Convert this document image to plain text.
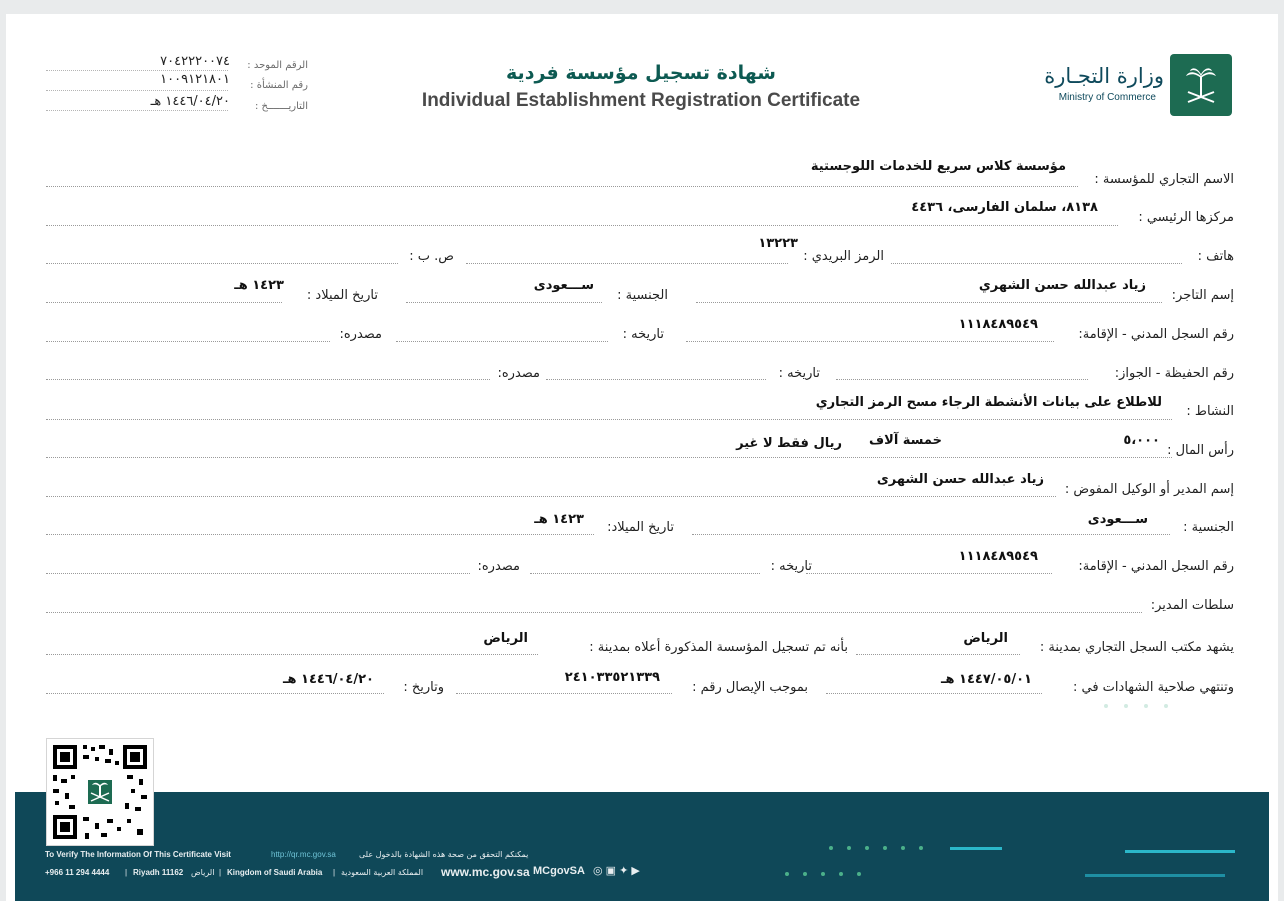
وزارة التجـارة
Ministry of Commerce
شهادة تسجيل مؤسسة فردية
Individual Establishment Registration Certificate
الرقم الموحد :
٧٠٤٢٢٢٠٠٧٤
رقم المنشأة :
١٠٠٩١٢١٨٠١
التاريـــــــخ :
١٤٤٦/٠٤/٢٠ هـ
الاسم التجاري للمؤسسة :
مؤسسة كلاس سريع للخدمات اللوجستية
مركزها الرئيسي :
٨١٣٨، سلمان الفارسى، ٤٤٣٦
هاتف :
الرمز البريدي :
١٣٢٢٣
ص. ب :
إسم التاجر:
زياد عبدالله حسن الشهري
الجنسية :
ســـعودى
تاريخ الميلاد :
١٤٢٣ هـ
رقم السجل المدني - الإقامة:
١١١٨٤٨٩٥٤٩
تاريخه :
مصدره:
رقم الحفيظة - الجواز:
تاريخه :
مصدره:
النشاط :
للاطلاع على بيانات الأنشطة الرجاء مسح الرمز التجاري
رأس المال :
٥،٠٠٠
خمسة آلاف
ريال فقط لا غير
إسم المدير أو الوكيل المفوض :
زياد عبدالله حسن الشهرى
الجنسية :
ســـعودى
تاريخ الميلاد:
١٤٢٣ هـ
رقم السجل المدني - الإقامة:
١١١٨٤٨٩٥٤٩
تاريخه :
مصدره:
سلطات المدير:
يشهد مكتب السجل التجاري بمدينة :
الرياض
بأنه تم تسجيل المؤسسة المذكورة أعلاه بمدينة :
الرياض
وتنتهي صلاحية الشهادات في :
١٤٤٧/٠٥/٠١ هـ
بموجب الإيصال رقم :
٢٤١٠٣٣٥٢١٣٣٩
وتاريخ :
١٤٤٦/٠٤/٢٠ هـ
To Verify The Information Of This Certificate Visit	http://qr.mc.gov.sa	يمكنكم التحقق من صحة هذه الشهادة بالدخول على
+966 11 294 4444 | Riyadh 11162 الرياض | Kingdom of Saudi Arabia | المملكة العربية السعودية www.mc.gov.sa MCgovSA ◎ ▣ ✦ ▶
